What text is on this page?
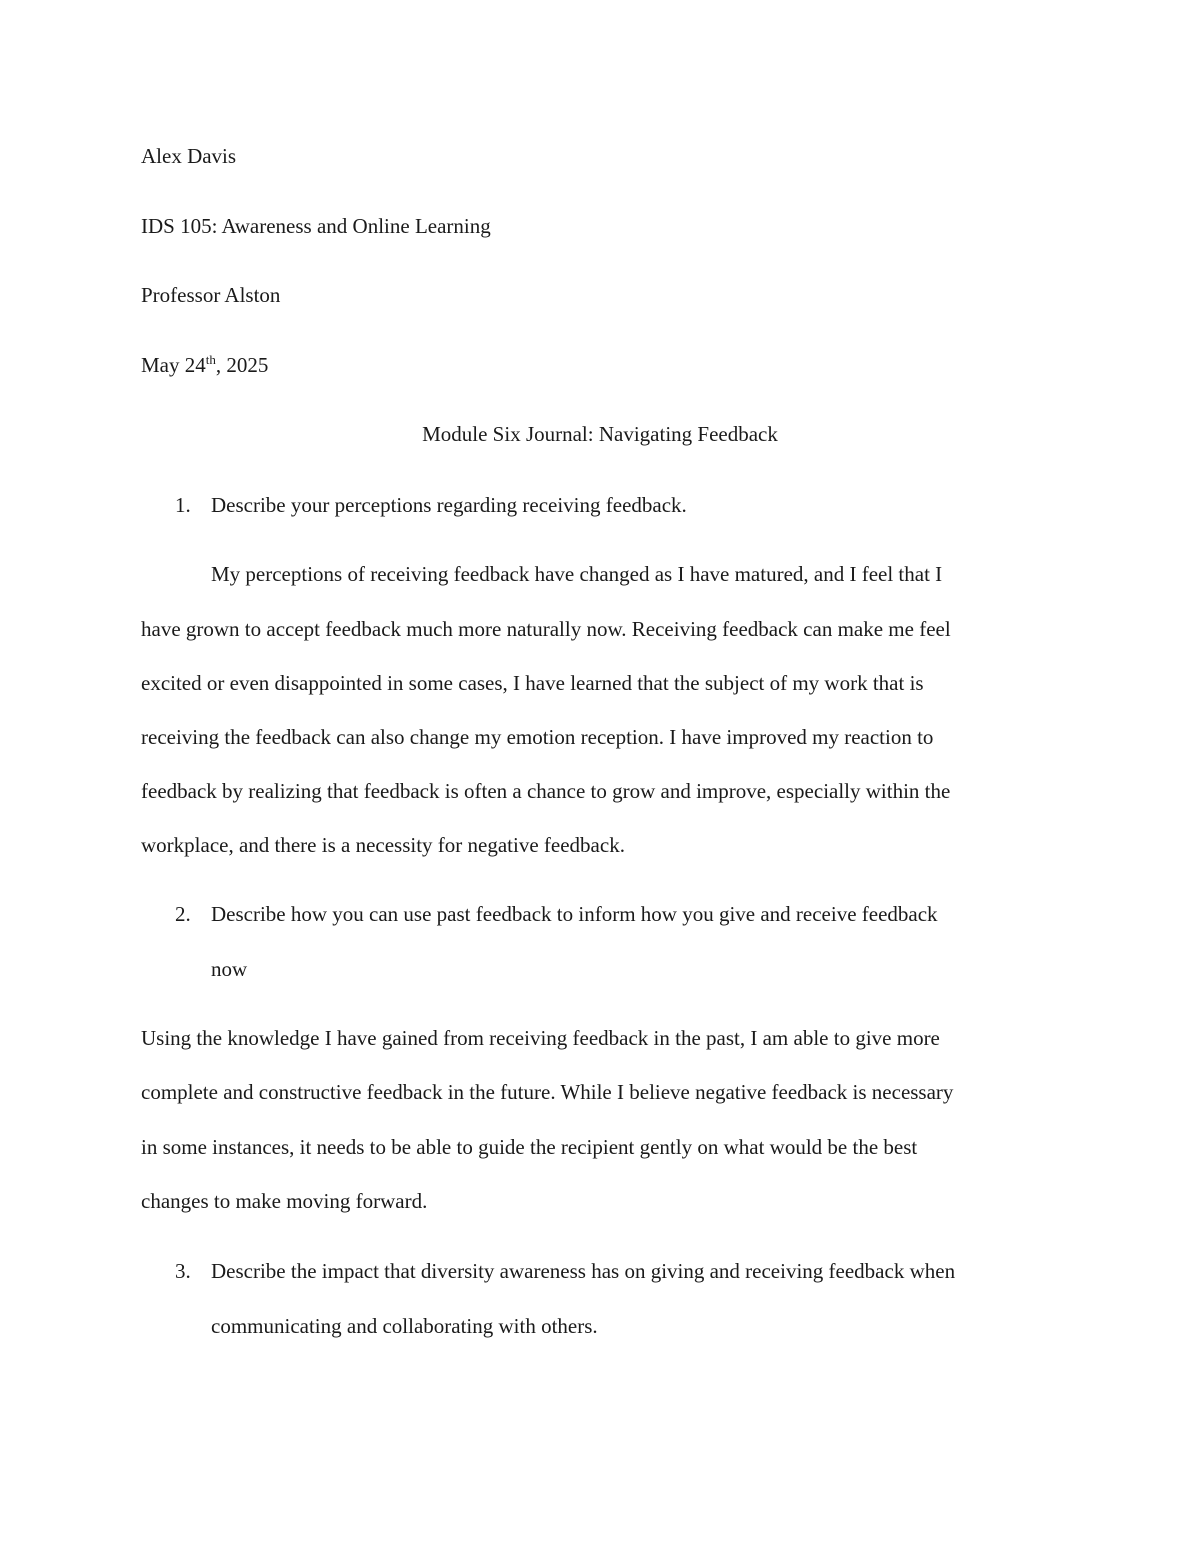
Alex Davis

IDS 105: Awareness and Online Learning

Professor Alston

May 24th, 2025

Module Six Journal: Navigating Feedback

1. Describe your perceptions regarding receiving feedback.

My perceptions of receiving feedback have changed as I have matured, and I feel that I

have grown to accept feedback much more naturally now. Receiving feedback can make me feel

excited or even disappointed in some cases, I have learned that the subject of my work that is

receiving the feedback can also change my emotion reception. I have improved my reaction to

feedback by realizing that feedback is often a chance to grow and improve, especially within the

workplace, and there is a necessity for negative feedback.

2. Describe how you can use past feedback to inform how you give and receive feedback

now

Using the knowledge I have gained from receiving feedback in the past, I am able to give more

complete and constructive feedback in the future. While I believe negative feedback is necessary

in some instances, it needs to be able to guide the recipient gently on what would be the best

changes to make moving forward.

3. Describe the impact that diversity awareness has on giving and receiving feedback when

communicating and collaborating with others.
